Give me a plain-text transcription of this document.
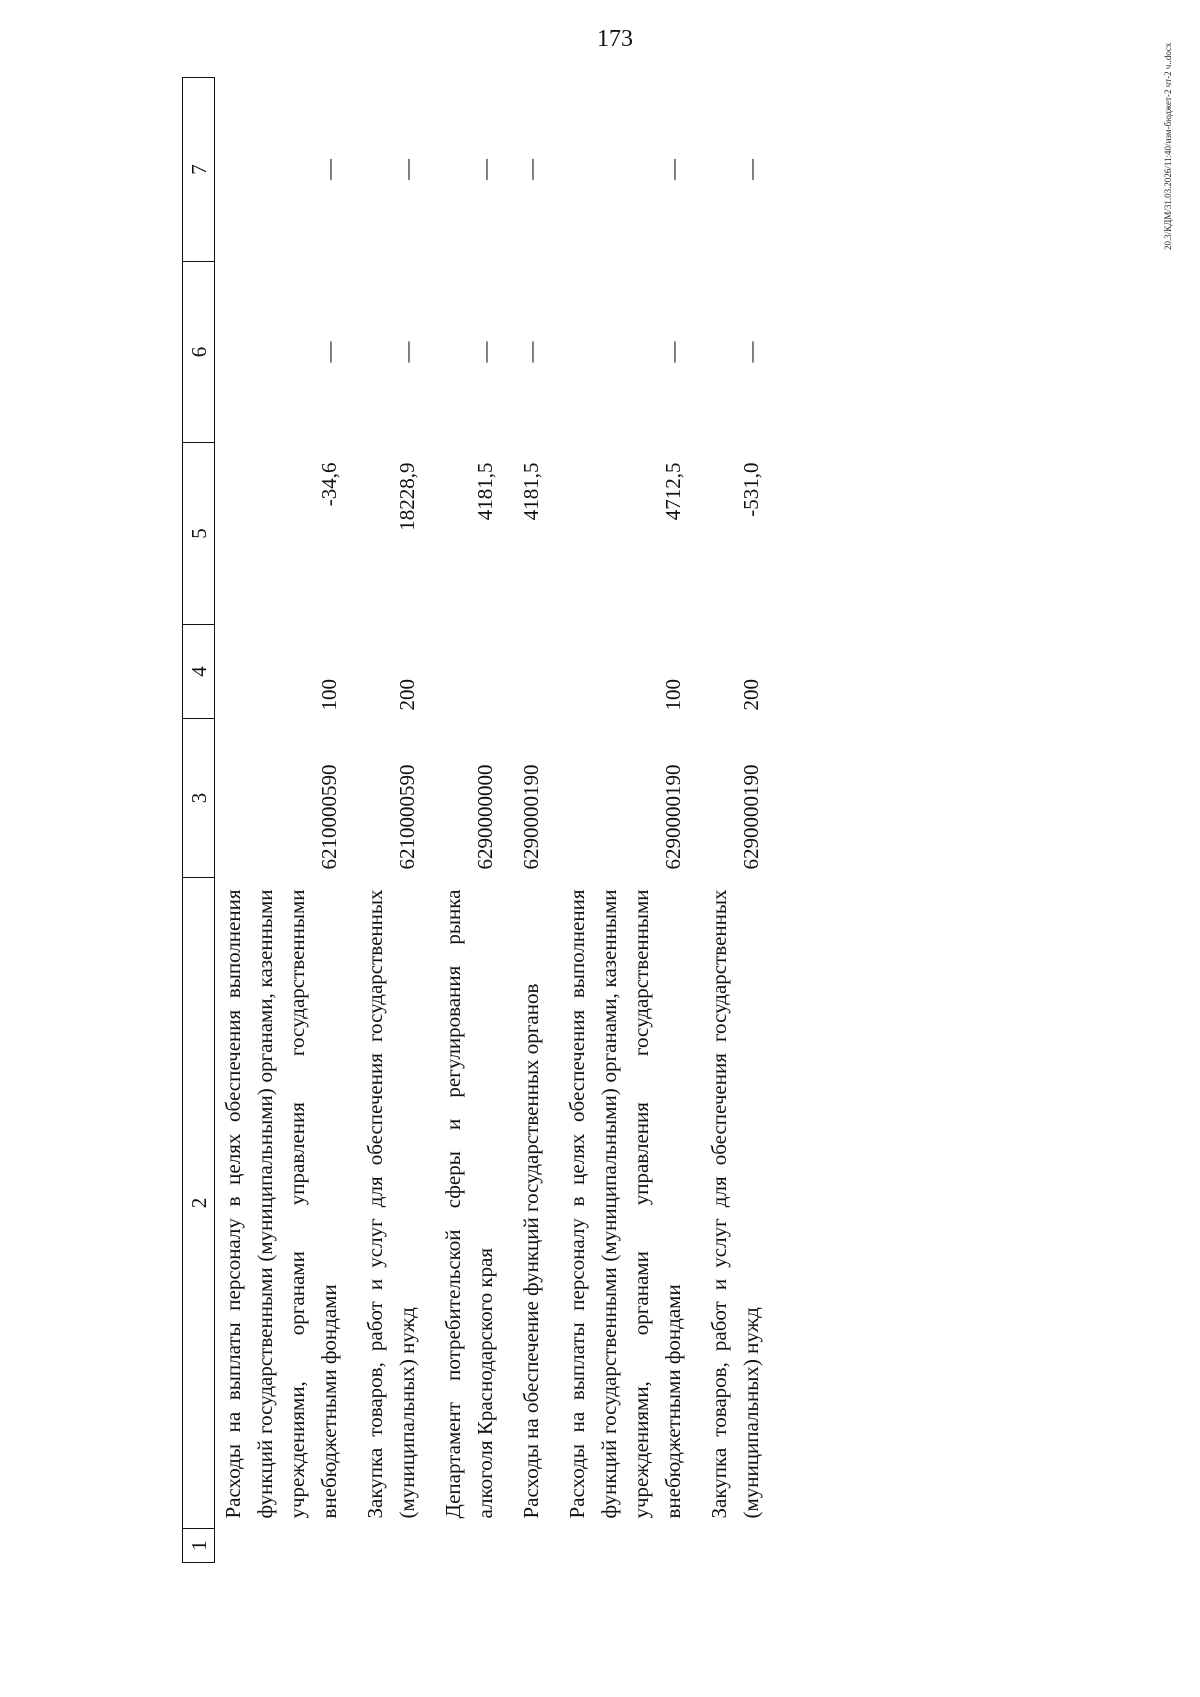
173
20.3/КДМ/31.03.2026/11:40/изм-бюджет-2 чт-2 ч..docx
1	2	3	4	5	6	7
	Расходы на выплаты персоналу в целях обеспечения выполнения функций государственными (муниципальными) органами, казенными учреждениями, органами управления государственными внебюджетными фондами	6210000590	100	-34,6	—	—
	Закупка товаров, работ и услуг для обеспечения государственных (муниципальных) нужд	6210000590	200	18228,9	—	—
	Департамент потребительской сферы и регулирования рынка алкоголя Краснодарского края	6290000000		4181,5	—	—
	Расходы на обеспечение функций государственных органов	6290000190		4181,5	—	—
	Расходы на выплаты персоналу в целях обеспечения выполнения функций государственными (муниципальными) органами, казенными учреждениями, органами управления государственными внебюджетными фондами	6290000190	100	4712,5	—	—
	Закупка товаров, работ и услуг для обеспечения государственных (муниципальных) нужд	6290000190	200	-531,0	—	—
